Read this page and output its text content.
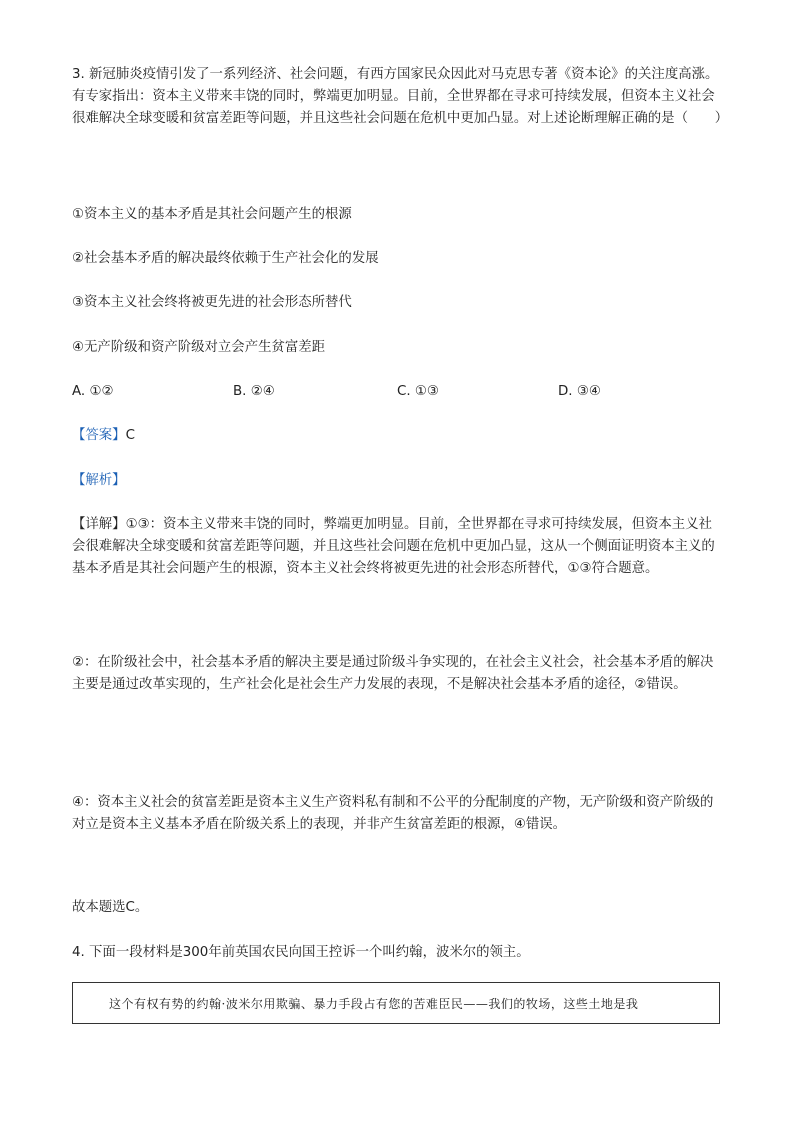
3. 新冠肺炎疫情引发了一系列经济、社会问题，有西方国家民众因此对马克思专著《资本论》的关注度高涨。有专家指出：资本主义带来丰饶的同时，弊端更加明显。目前，全世界都在寻求可持续发展，但资本主义社会很难解决全球变暖和贫富差距等问题，并且这些社会问题在危机中更加凸显。对上述论断理解正确的是（　　）

①资本主义的基本矛盾是其社会问题产生的根源

②社会基本矛盾的解决最终依赖于生产社会化的发展

③资本主义社会终将被更先进的社会形态所替代

④无产阶级和资产阶级对立会产生贫富差距

A. ①②	B. ②④	C. ①③	D. ③④

【答案】C

【解析】

【详解】①③：资本主义带来丰饶的同时，弊端更加明显。目前，全世界都在寻求可持续发展，但资本主义社会很难解决全球变暖和贫富差距等问题，并且这些社会问题在危机中更加凸显，这从一个侧面证明资本主义的基本矛盾是其社会问题产生的根源，资本主义社会终将被更先进的社会形态所替代，①③符合题意。

②：在阶级社会中，社会基本矛盾的解决主要是通过阶级斗争实现的，在社会主义社会，社会基本矛盾的解决主要是通过改革实现的，生产社会化是社会生产力发展的表现，不是解决社会基本矛盾的途径，②错误。

④：资本主义社会的贫富差距是资本主义生产资料私有制和不公平的分配制度的产物，无产阶级和资产阶级的对立是资本主义基本矛盾在阶级关系上的表现，并非产生贫富差距的根源，④错误。

故本题选C。

4. 下面一段材料是300年前英国农民向国王控诉一个叫约翰，波米尔的领主。

这个有权有势的约翰·波米尔用欺骗、暴力手段占有您的苦难臣民——我们的牧场，这些土地是我
